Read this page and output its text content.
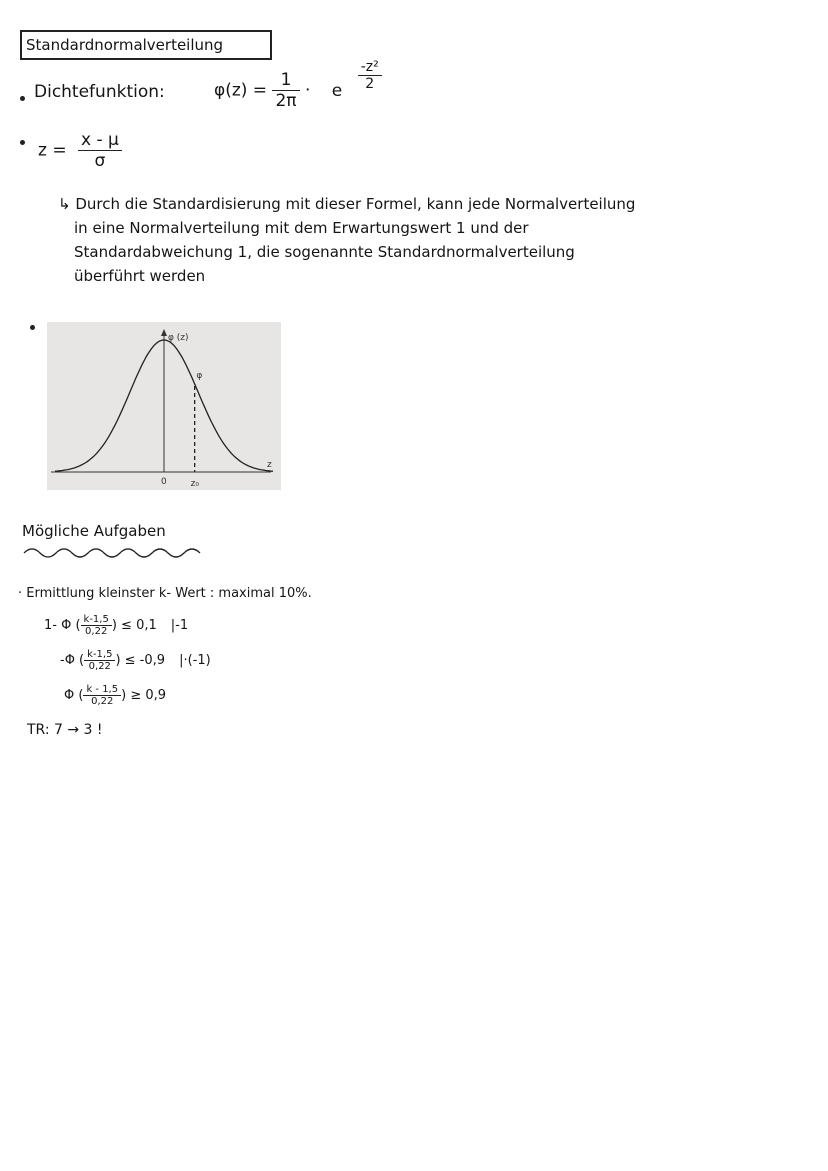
Standardnormalverteilung
Dichtefunktion:	$\varphi(z) = \frac{1}{2\pi} \cdot e \frac{\text{-z²}}{2}$
$z = \frac{x - \mu}{\sigma}$
↳ Durch die Standardisierung mit dieser Formel, kann jede Normalverteilung
in eine Normalverteilung mit dem Erwartungswert 1 und der
Standardabweichung 1, die sogenannte Standardnormalverteilung
überführt werden
φ (z)
φ
z
0	z₀
Mögliche Aufgaben
· Ermittlung kleinster k- Wert : maximal 10%.
1- Φ ( $\frac{k-1,5}{0,22}$ ) ≤ 0,1 |-1
-Φ ( $\frac{k-1,5}{0,22}$ ) ≤ -0,9 |·(-1)
Φ ( $\frac{k - 1,5}{0,22}$ ) ≥ 0,9
TR: 7 → 3 !
